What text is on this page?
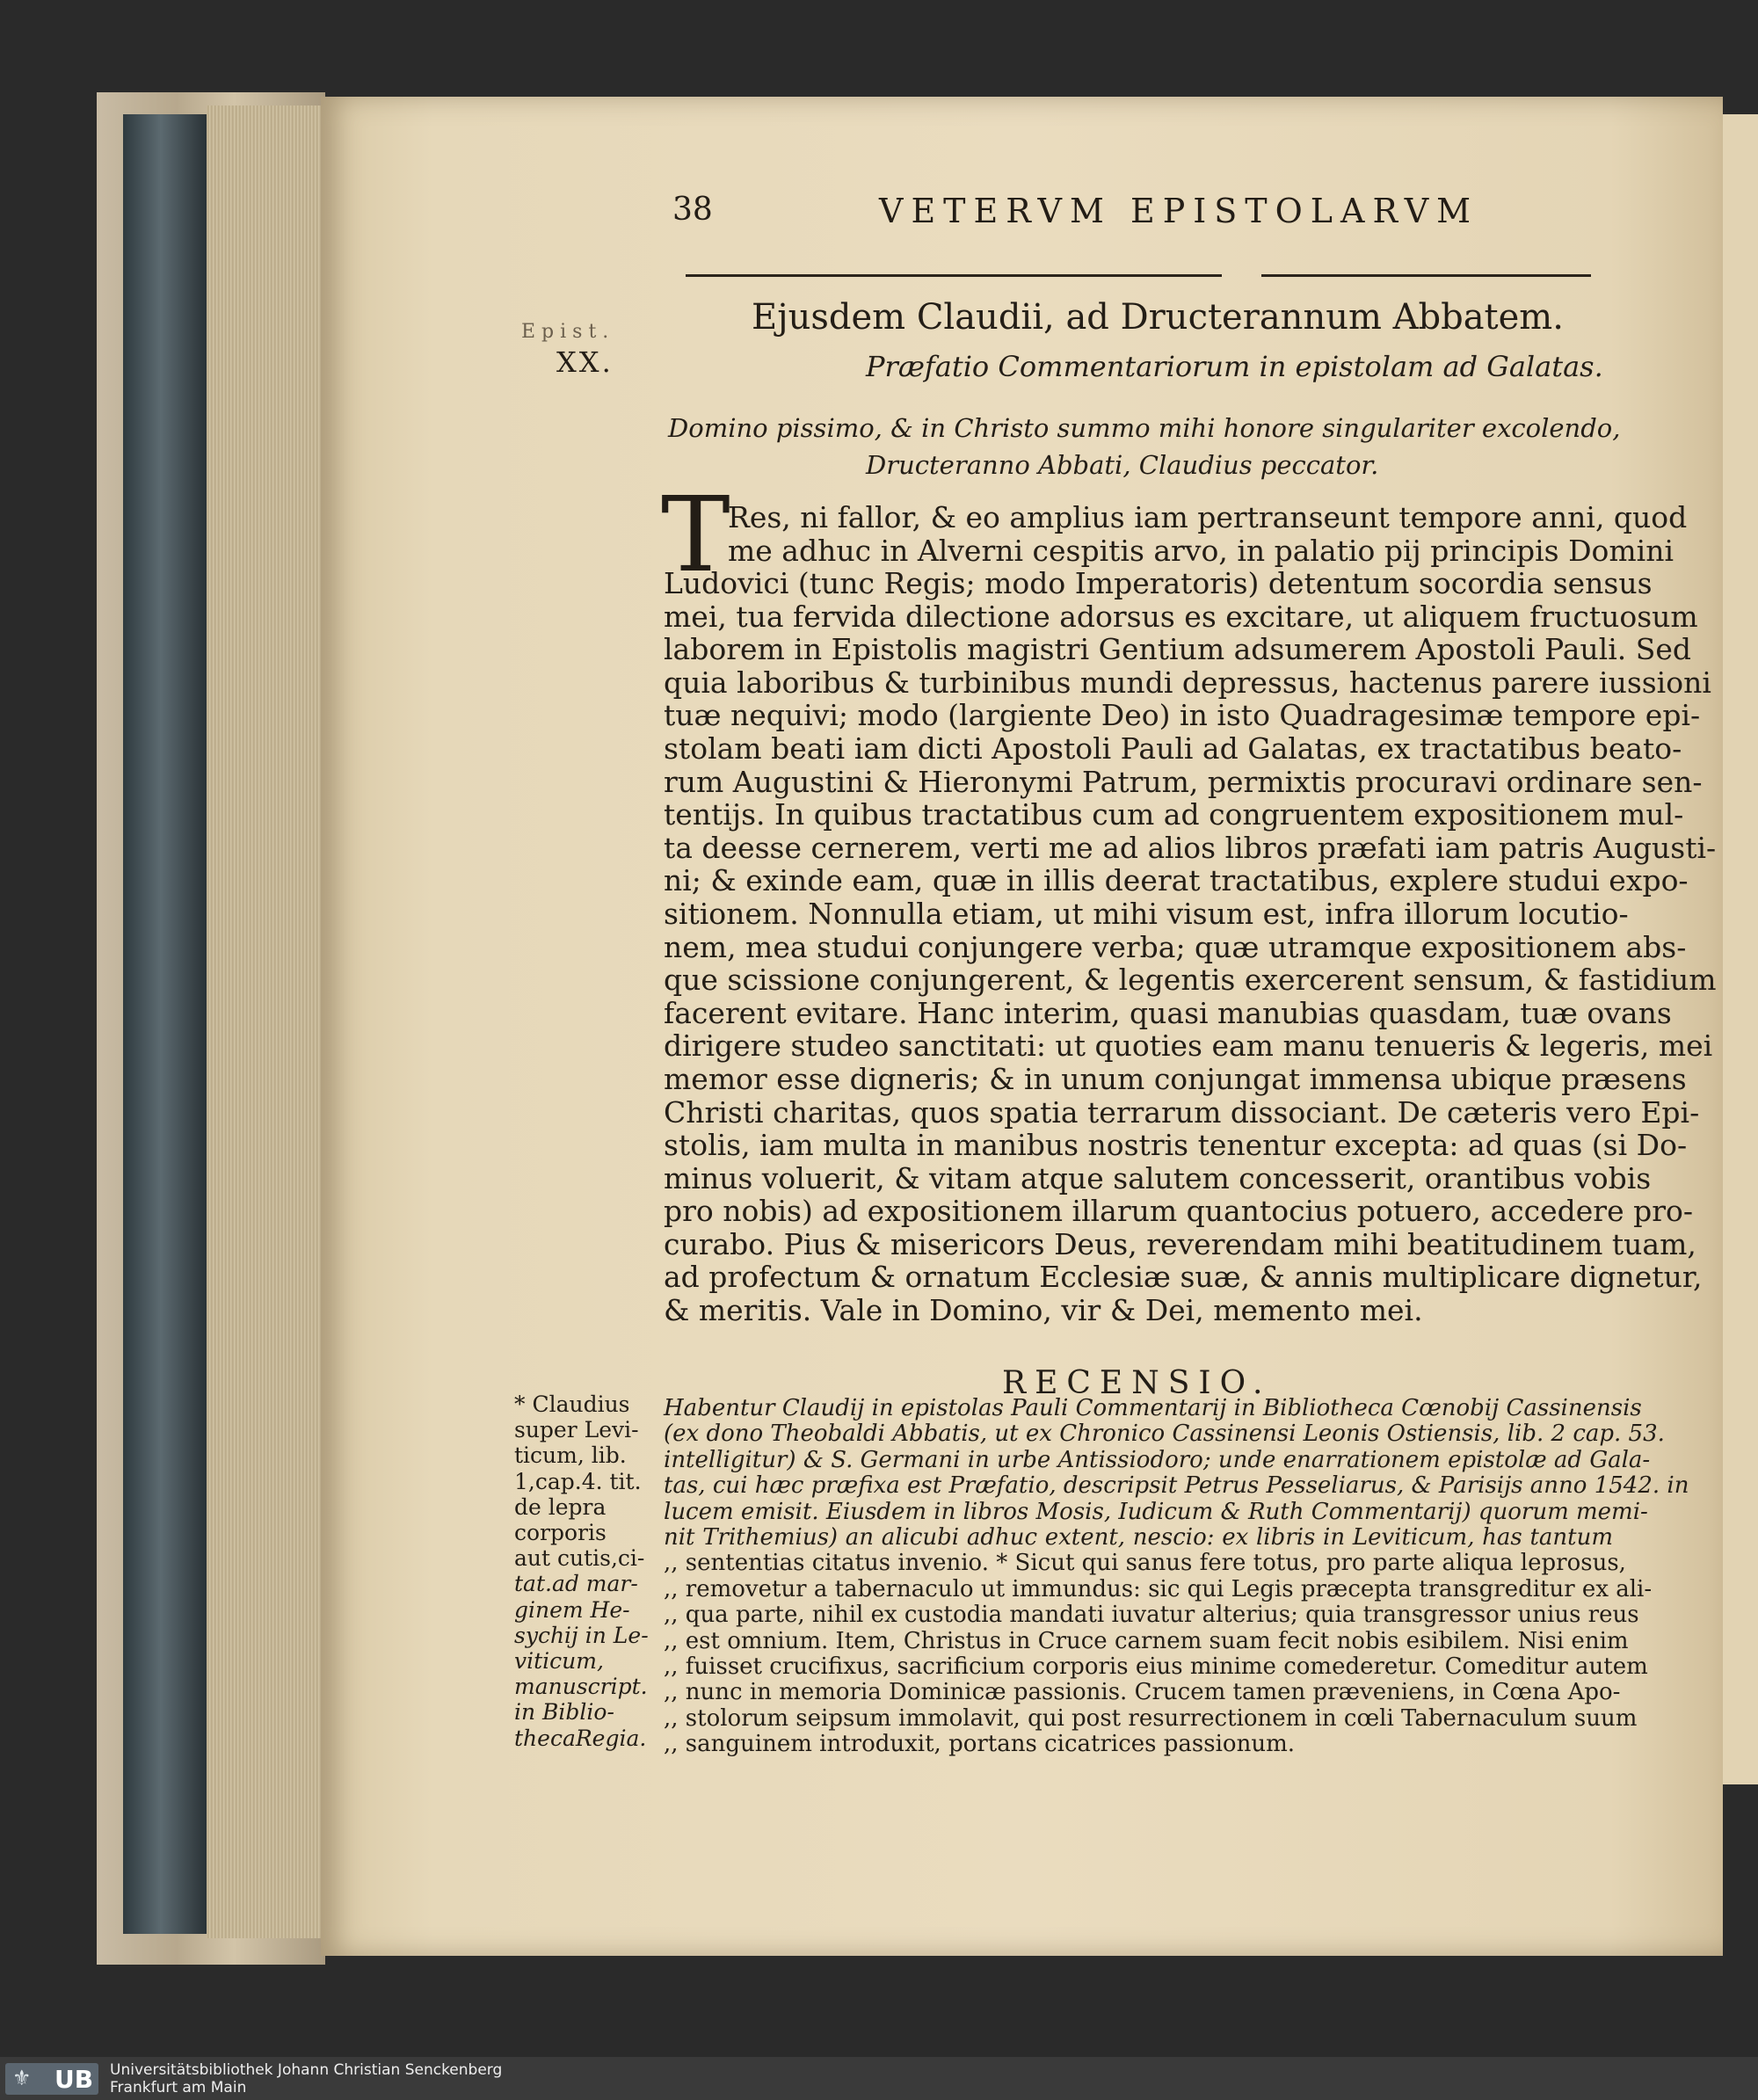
38	VETERVM EPISTOLARVM
Epist.
XX.
Ejusdem Claudii, ad Dructerannum Abbatem.
Præfatio Commentariorum in epistolam ad Galatas.
Domino pissimo, & in Christo summo mihi honore singulariter excolendo,
Dructeranno Abbati, Claudius peccator.
T
Res, ni fallor, & eo amplius iam pertranseunt tempore anni, quod
me adhuc in Alverni cespitis arvo, in palatio pij principis Domini
Ludovici (tunc Regis; modo Imperatoris) detentum socordia sensus
mei, tua fervida dilectione adorsus es excitare, ut aliquem fructuosum
laborem in Epistolis magistri Gentium adsumerem Apostoli Pauli. Sed
quia laboribus & turbinibus mundi depressus, hactenus parere iussioni
tuæ nequivi; modo (largiente Deo) in isto Quadragesimæ tempore epi-
stolam beati iam dicti Apostoli Pauli ad Galatas, ex tractatibus beato-
rum Augustini & Hieronymi Patrum, permixtis procuravi ordinare sen-
tentijs. In quibus tractatibus cum ad congruentem expositionem mul-
ta deesse cernerem, verti me ad alios libros præfati iam patris Augusti-
ni; & exinde eam, quæ in illis deerat tractatibus, explere studui expo-
sitionem. Nonnulla etiam, ut mihi visum est, infra illorum locutio-
nem, mea studui conjungere verba; quæ utramque expositionem abs-
que scissione conjungerent, & legentis exercerent sensum, & fastidium
facerent evitare. Hanc interim, quasi manubias quasdam, tuæ ovans
dirigere studeo sanctitati: ut quoties eam manu tenueris & legeris, mei
memor esse digneris; & in unum conjungat immensa ubique præsens
Christi charitas, quos spatia terrarum dissociant. De cæteris vero Epi-
stolis, iam multa in manibus nostris tenentur excepta: ad quas (si Do-
minus voluerit, & vitam atque salutem concesserit, orantibus vobis
pro nobis) ad expositionem illarum quantocius potuero, accedere pro-
curabo. Pius & misericors Deus, reverendam mihi beatitudinem tuam,
ad profectum & ornatum Ecclesiæ suæ, & annis multiplicare dignetur,
& meritis. Vale in Domino, vir & Dei, memento mei.
RECENSIO.
* Claudius
super Levi-
ticum, lib.
1,cap.4. tit.
de lepra
corporis
aut cutis,ci-
tat.ad mar-
ginem He-
sychij in Le-
viticum,
manuscript.
in Biblio-
thecaRegia.
Habentur Claudij in epistolas Pauli Commentarij in Bibliotheca Cœnobij Cassinensis
(ex dono Theobaldi Abbatis, ut ex Chronico Cassinensi Leonis Ostiensis, lib. 2 cap. 53.
intelligitur) & S. Germani in urbe Antissiodoro; unde enarrationem epistolæ ad Gala-
tas, cui hæc præfixa est Præfatio, descripsit Petrus Pesseliarus, & Parisijs anno 1542. in
lucem emisit. Eiusdem in libros Mosis, Iudicum & Ruth Commentarij) quorum memi-
nit Trithemius) an alicubi adhuc extent, nescio: ex libris in Leviticum, has tantum
,, sententias citatus invenio. * Sicut qui sanus fere totus, pro parte aliqua leprosus,
,, removetur a tabernaculo ut immundus: sic qui Legis præcepta transgreditur ex ali-
,, qua parte, nihil ex custodia mandati iuvatur alterius; quia transgressor unius reus
,, est omnium. Item, Christus in Cruce carnem suam fecit nobis esibilem. Nisi enim
,, fuisset crucifixus, sacrificium corporis eius minime comederetur. Comeditur autem
,, nunc in memoria Dominicæ passionis. Crucem tamen præveniens, in Cœna Apo-
,, stolorum seipsum immolavit, qui post resurrectionem in cœli Tabernaculum suum
,, sanguinem introduxit, portans cicatrices passionum.
⚜ UB Universitätsbibliothek Johann Christian Senckenberg
Frankfurt am Main
